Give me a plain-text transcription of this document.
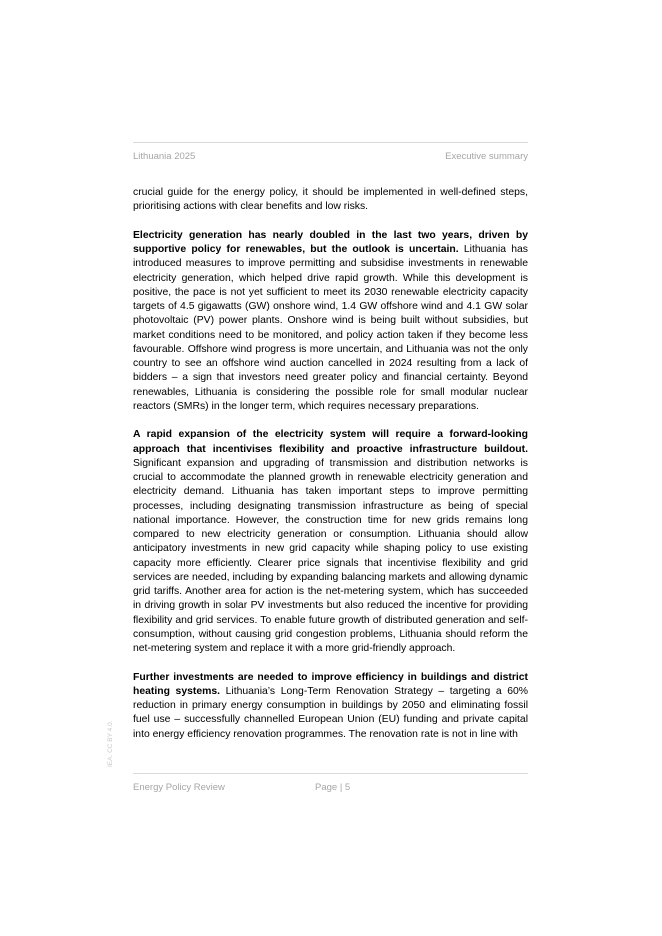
Lithuania 2025	Executive summary

crucial guide for the energy policy, it should be implemented in well-defined steps, prioritising actions with clear benefits and low risks.

Electricity generation has nearly doubled in the last two years, driven by supportive policy for renewables, but the outlook is uncertain. Lithuania has introduced measures to improve permitting and subsidise investments in renewable electricity generation, which helped drive rapid growth. While this development is positive, the pace is not yet sufficient to meet its 2030 renewable electricity capacity targets of 4.5 gigawatts (GW) onshore wind, 1.4 GW offshore wind and 4.1 GW solar photovoltaic (PV) power plants. Onshore wind is being built without subsidies, but market conditions need to be monitored, and policy action taken if they become less favourable. Offshore wind progress is more uncertain, and Lithuania was not the only country to see an offshore wind auction cancelled in 2024 resulting from a lack of bidders – a sign that investors need greater policy and financial certainty. Beyond renewables, Lithuania is considering the possible role for small modular nuclear reactors (SMRs) in the longer term, which requires necessary preparations.

A rapid expansion of the electricity system will require a forward-looking approach that incentivises flexibility and proactive infrastructure buildout. Significant expansion and upgrading of transmission and distribution networks is crucial to accommodate the planned growth in renewable electricity generation and electricity demand. Lithuania has taken important steps to improve permitting processes, including designating transmission infrastructure as being of special national importance. However, the construction time for new grids remains long compared to new electricity generation or consumption. Lithuania should allow anticipatory investments in new grid capacity while shaping policy to use existing capacity more efficiently. Clearer price signals that incentivise flexibility and grid services are needed, including by expanding balancing markets and allowing dynamic grid tariffs. Another area for action is the net-metering system, which has succeeded in driving growth in solar PV investments but also reduced the incentive for providing flexibility and grid services. To enable future growth of distributed generation and self-consumption, without causing grid congestion problems, Lithuania should reform the net-metering system and replace it with a more grid-friendly approach.

Further investments are needed to improve efficiency in buildings and district heating systems. Lithuania’s Long-Term Renovation Strategy – targeting a 60% reduction in primary energy consumption in buildings by 2050 and eliminating fossil fuel use – successfully channelled European Union (EU) funding and private capital into energy efficiency renovation programmes. The renovation rate is not in line with

Energy Policy Review	Page | 5
IEA. CC BY 4.0.
